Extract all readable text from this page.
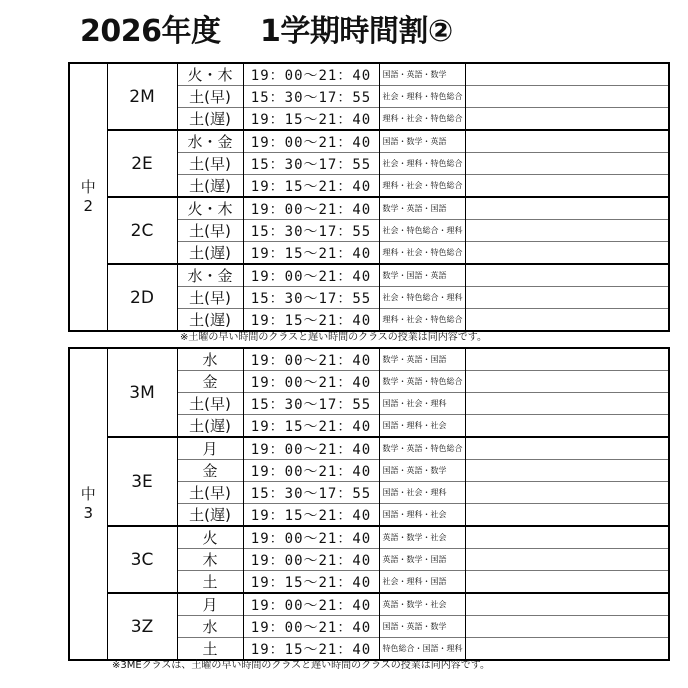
2026年度　 1学期時間割②
中
2	2M	火・木	19：00～21：40	国語・英語・数学	
		土(早)	15：30～17：55	社会・理科・特色総合	
		土(遅)	19：15～21：40	理科・社会・特色総合	
	2E	水・金	19：00～21：40	国語・数学・英語	
		土(早)	15：30～17：55	社会・理科・特色総合	
		土(遅)	19：15～21：40	理科・社会・特色総合	
	2C	火・木	19：00～21：40	数学・英語・国語	
		土(早)	15：30～17：55	社会・特色総合・理科	
		土(遅)	19：15～21：40	理科・社会・特色総合	
	2D	水・金	19：00～21：40	数学・国語・英語	
		土(早)	15：30～17：55	社会・特色総合・理科	
		土(遅)	19：15～21：40	理科・社会・特色総合	
※土曜の早い時間のクラスと遅い時間のクラスの授業は同内容です。
中
3	3M	水	19：00～21：40	数学・英語・国語	
		金	19：00～21：40	数学・英語・特色総合	
		土(早)	15：30～17：55	国語・社会・理科	
		土(遅)	19：15～21：40	国語・理科・社会	
	3E	月	19：00～21：40	数学・英語・特色総合	
		金	19：00～21：40	国語・英語・数学	
		土(早)	15：30～17：55	国語・社会・理科	
		土(遅)	19：15～21：40	国語・理科・社会	
	3C	火	19：00～21：40	英語・数学・社会	
		木	19：00～21：40	英語・数学・国語	
		土	19：15～21：40	社会・理科・国語	
	3Z	月	19：00～21：40	英語・数学・社会	
		水	19：00～21：40	国語・英語・数学	
		土	19：15～21：40	特色総合・国語・理科	
※3MEクラスは、土曜の早い時間のクラスと遅い時間のクラスの授業は同内容です。
